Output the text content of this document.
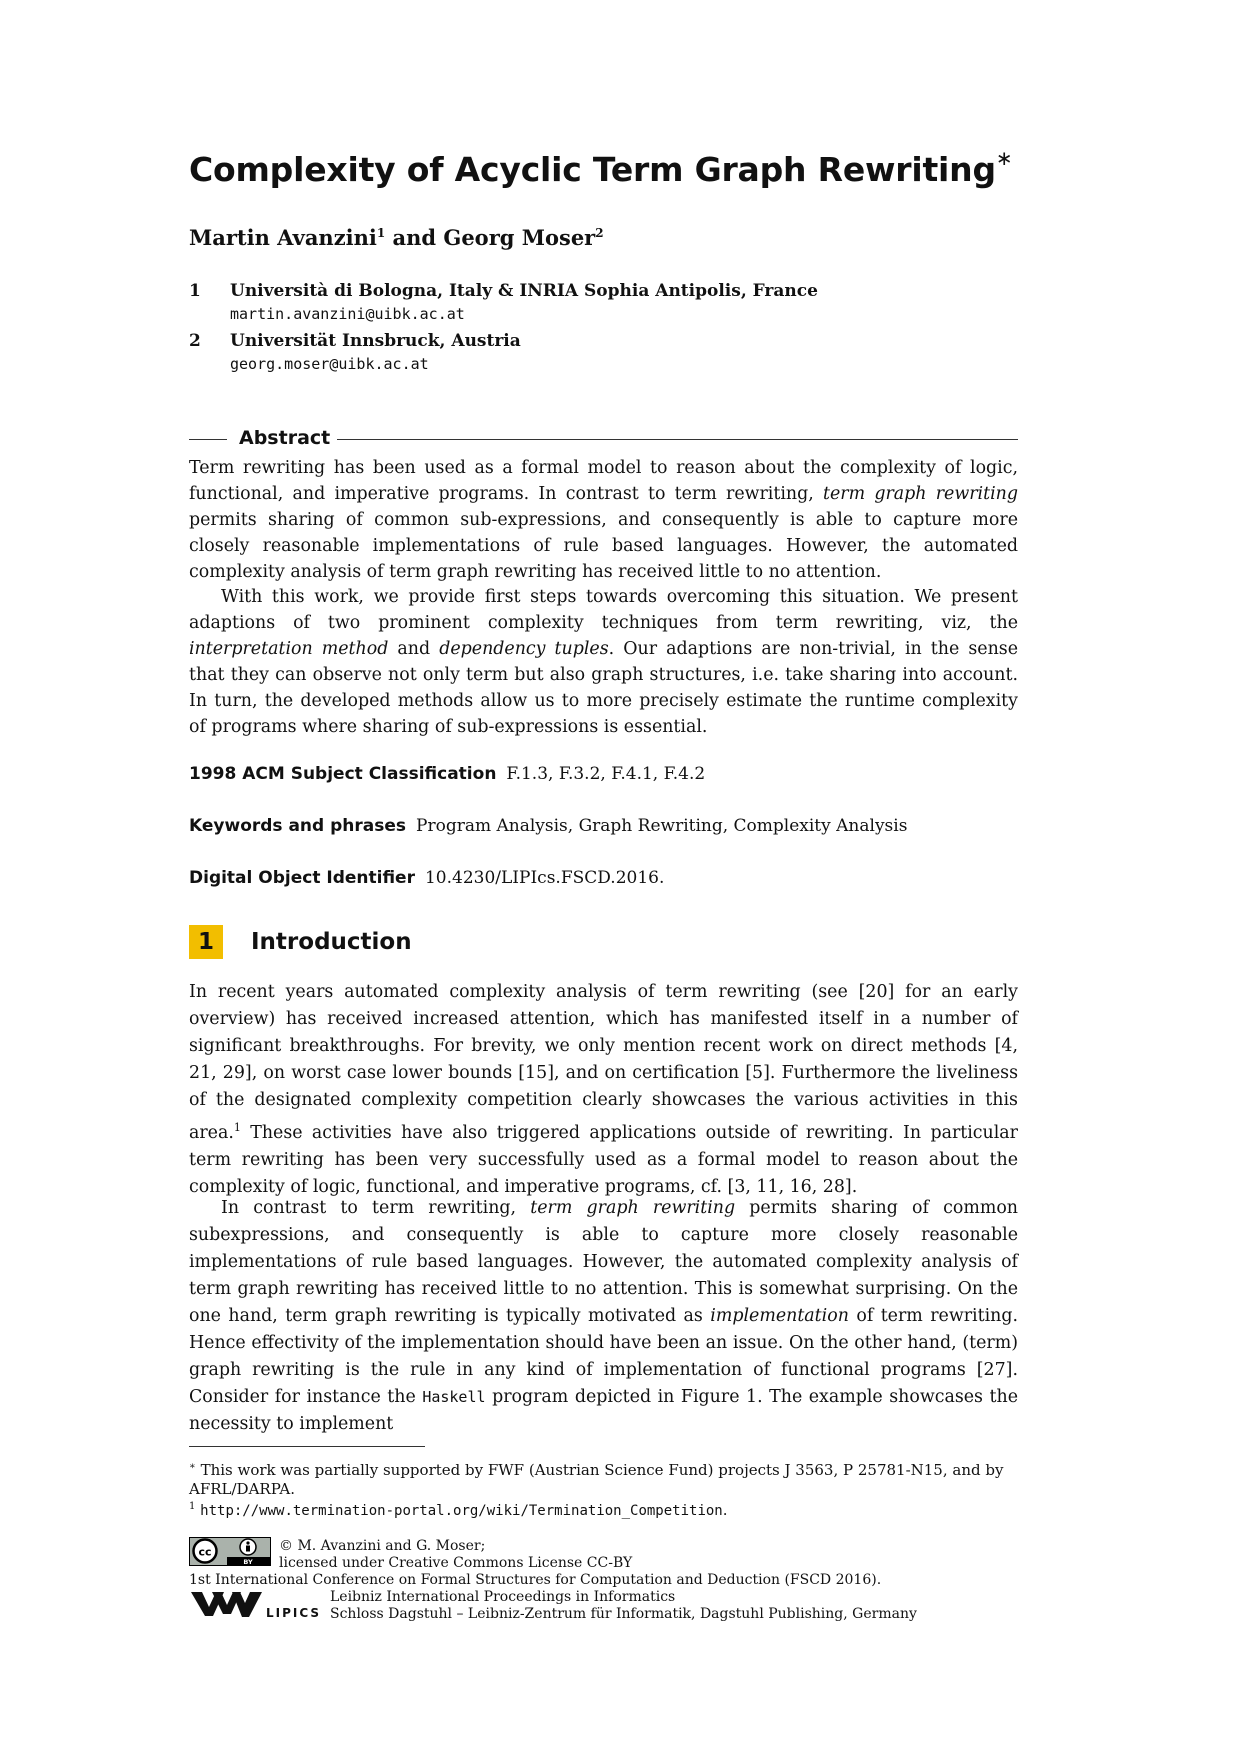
Complexity of Acyclic Term Graph Rewriting∗
Martin Avanzini$^1$ and Georg Moser$^2$
1 Università di Bologna, Italy & INRIA Sophia Antipolis, France
martin.avanzini@uibk.ac.at
2 Universität Innsbruck, Austria
georg.moser@uibk.ac.at
Abstract
Term rewriting has been used as a formal model to reason about the complexity of logic, functional, and imperative programs. In contrast to term rewriting, term graph rewriting permits sharing of common sub-expressions, and consequently is able to capture more closely reasonable implementations of rule based languages. However, the automated complexity analysis of term graph rewriting has received little to no attention.
With this work, we provide first steps towards overcoming this situation. We present adaptions of two prominent complexity techniques from term rewriting, viz, the interpretation method and dependency tuples. Our adaptions are non-trivial, in the sense that they can observe not only term but also graph structures, i.e. take sharing into account. In turn, the developed methods allow us to more precisely estimate the runtime complexity of programs where sharing of sub-expressions is essential.
1998 ACM Subject Classification F.1.3, F.3.2, F.4.1, F.4.2
Keywords and phrases Program Analysis, Graph Rewriting, Complexity Analysis
Digital Object Identifier 10.4230/LIPIcs.FSCD.2016.
1	Introduction
In recent years automated complexity analysis of term rewriting (see [20] for an early overview) has received increased attention, which has manifested itself in a number of significant breakthroughs. For brevity, we only mention recent work on direct methods [4, 21, 29], on worst case lower bounds [15], and on certification [5]. Furthermore the liveliness of the designated complexity competition clearly showcases the various activities in this area.$^1$ These activities have also triggered applications outside of rewriting. In particular term rewriting has been very successfully used as a formal model to reason about the complexity of logic, functional, and imperative programs, cf. [3, 11, 16, 28].
In contrast to term rewriting, term graph rewriting permits sharing of common subexpressions, and consequently is able to capture more closely reasonable implementations of rule based languages. However, the automated complexity analysis of term graph rewriting has received little to no attention. This is somewhat surprising. On the one hand, term graph rewriting is typically motivated as implementation of term rewriting. Hence effectivity of the implementation should have been an issue. On the other hand, (term) graph rewriting is the rule in any kind of implementation of functional programs [27]. Consider for instance the Haskell program depicted in Figure 1. The example showcases the necessity to implement
∗ This work was partially supported by FWF (Austrian Science Fund) projects J 3563, P 25781-N15, and by AFRL/DARPA.
$^1$ http://www.termination-portal.org/wiki/Termination_Competition.
cc
BY
© M. Avanzini and G. Moser;
licensed under Creative Commons License CC-BY
1st International Conference on Formal Structures for Computation and Deduction (FSCD 2016).
LIPICS
Leibniz International Proceedings in Informatics
Schloss Dagstuhl – Leibniz-Zentrum für Informatik, Dagstuhl Publishing, Germany
